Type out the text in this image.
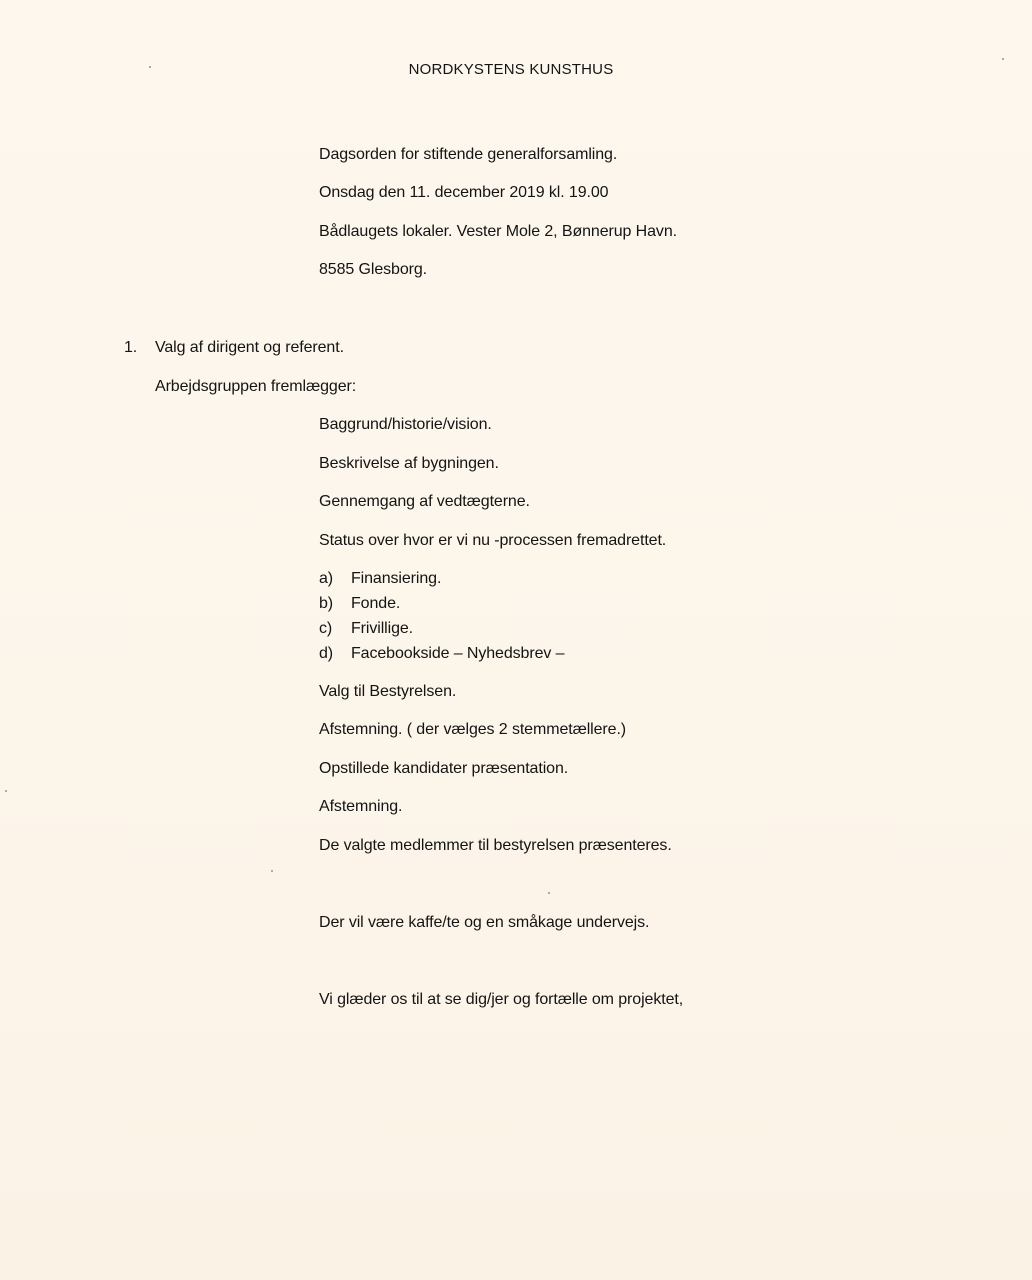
NORDKYSTENS KUNSTHUS
Dagsorden for stiftende generalforsamling.
Onsdag den 11. december 2019 kl. 19.00
Bådlaugets lokaler. Vester Mole 2, Bønnerup Havn.
8585 Glesborg.
1.	Valg af dirigent og referent.
Arbejdsgruppen fremlægger:
Baggrund/historie/vision.
Beskrivelse af bygningen.
Gennemgang af vedtægterne.
Status over hvor er vi nu -processen fremadrettet.
a)	Finansiering.
b)	Fonde.
c)	Frivillige.
d)	Facebookside – Nyhedsbrev –
Valg til Bestyrelsen.
Afstemning. ( der vælges 2 stemmetællere.)
Opstillede kandidater præsentation.
Afstemning.
De valgte medlemmer til bestyrelsen præsenteres.
Der vil være kaffe/te og en småkage undervejs.
Vi glæder os til at se dig/jer og fortælle om projektet,
